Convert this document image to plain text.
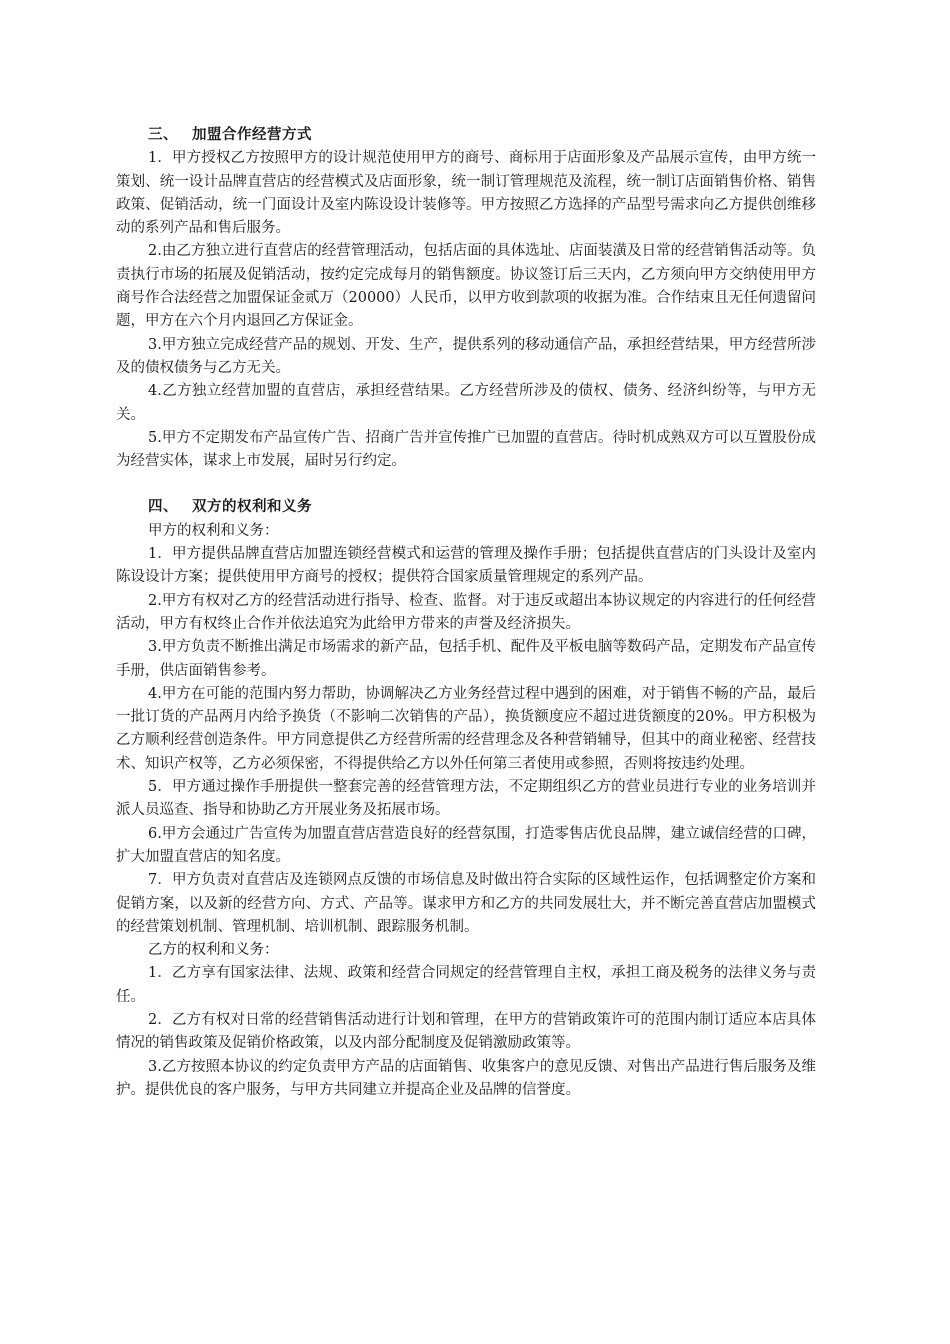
三、 加盟合作经营方式

1．甲方授权乙方按照甲方的设计规范使用甲方的商号、商标用于店面形象及产品展示宣传，由甲方统一策划、统一设计品牌直营店的经营模式及店面形象，统一制订管理规范及流程，统一制订店面销售价格、销售政策、促销活动，统一门面设计及室内陈设设计装修等。甲方按照乙方选择的产品型号需求向乙方提供创维移动的系列产品和售后服务。

2.由乙方独立进行直营店的经营管理活动，包括店面的具体选址、店面装潢及日常的经营销售活动等。负责执行市场的拓展及促销活动，按约定完成每月的销售额度。协议签订后三天内，乙方须向甲方交纳使用甲方商号作合法经营之加盟保证金贰万（20000）人民币，以甲方收到款项的收据为准。合作结束且无任何遗留问题，甲方在六个月内退回乙方保证金。

3.甲方独立完成经营产品的规划、开发、生产，提供系列的移动通信产品，承担经营结果，甲方经营所涉及的债权债务与乙方无关。

4.乙方独立经营加盟的直营店，承担经营结果。乙方经营所涉及的债权、债务、经济纠纷等，与甲方无关。

5.甲方不定期发布产品宣传广告、招商广告并宣传推广已加盟的直营店。待时机成熟双方可以互置股份成为经营实体，谋求上市发展，届时另行约定。

四、 双方的权利和义务

甲方的权利和义务：

1．甲方提供品牌直营店加盟连锁经营模式和运营的管理及操作手册；包括提供直营店的门头设计及室内陈设设计方案；提供使用甲方商号的授权；提供符合国家质量管理规定的系列产品。

2.甲方有权对乙方的经营活动进行指导、检查、监督。对于违反或超出本协议规定的内容进行的任何经营活动，甲方有权终止合作并依法追究为此给甲方带来的声誉及经济损失。

3.甲方负责不断推出满足市场需求的新产品，包括手机、配件及平板电脑等数码产品，定期发布产品宣传手册，供店面销售参考。

4.甲方在可能的范围内努力帮助，协调解决乙方业务经营过程中遇到的困难，对于销售不畅的产品，最后一批订货的产品两月内给予换货（不影响二次销售的产品），换货额度应不超过进货额度的20%。甲方积极为乙方顺利经营创造条件。甲方同意提供乙方经营所需的经营理念及各种营销辅导，但其中的商业秘密、经营技术、知识产权等，乙方必须保密，不得提供给乙方以外任何第三者使用或参照，否则将按违约处理。

5．甲方通过操作手册提供一整套完善的经营管理方法，不定期组织乙方的营业员进行专业的业务培训并派人员巡查、指导和协助乙方开展业务及拓展市场。

6.甲方会通过广告宣传为加盟直营店营造良好的经营氛围，打造零售店优良品牌，建立诚信经营的口碑，扩大加盟直营店的知名度。

7．甲方负责对直营店及连锁网点反馈的市场信息及时做出符合实际的区域性运作，包括调整定价方案和促销方案，以及新的经营方向、方式、产品等。谋求甲方和乙方的共同发展壮大，并不断完善直营店加盟模式的经营策划机制、管理机制、培训机制、跟踪服务机制。

乙方的权利和义务：

1．乙方享有国家法律、法规、政策和经营合同规定的经营管理自主权，承担工商及税务的法律义务与责任。

2．乙方有权对日常的经营销售活动进行计划和管理，在甲方的营销政策许可的范围内制订适应本店具体情况的销售政策及促销价格政策，以及内部分配制度及促销激励政策等。

3.乙方按照本协议的约定负责甲方产品的店面销售、收集客户的意见反馈、对售出产品进行售后服务及维护。提供优良的客户服务，与甲方共同建立并提高企业及品牌的信誉度。
